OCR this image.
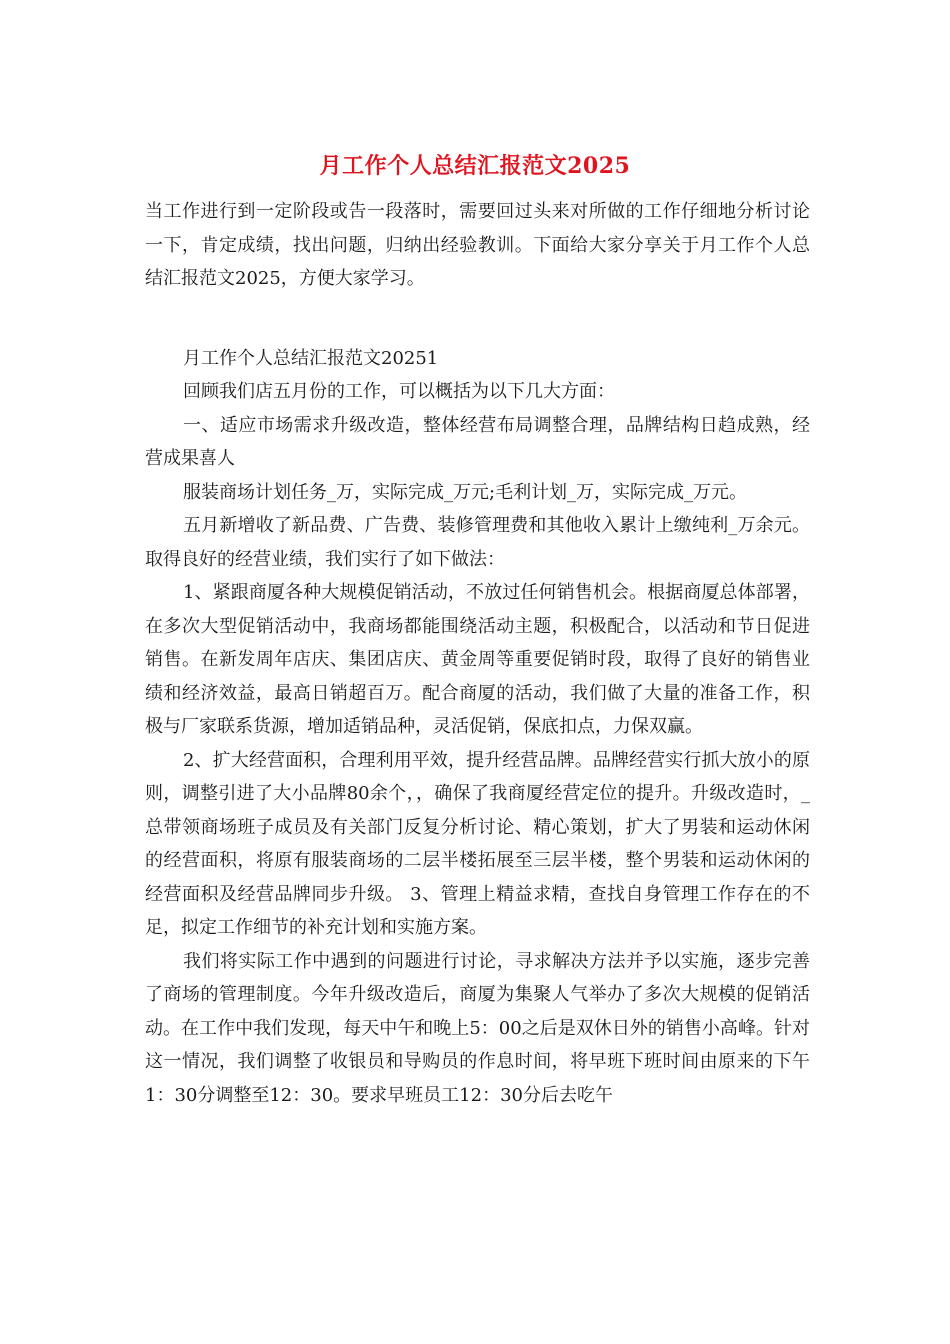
月工作个人总结汇报范文2025

当工作进行到一定阶段或告一段落时，需要回过头来对所做的工作仔细地分析讨论一下，肯定成绩，找出问题，归纳出经验教训。下面给大家分享关于月工作个人总结汇报范文2025，方便大家学习。

月工作个人总结汇报范文20251

回顾我们店五月份的工作，可以概括为以下几大方面：

一、适应市场需求升级改造，整体经营布局调整合理，品牌结构日趋成熟，经营成果喜人

服装商场计划任务_万，实际完成_万元;毛利计划_万，实际完成_万元。

五月新增收了新品费、广告费、装修管理费和其他收入累计上缴纯利_万余元。取得良好的经营业绩，我们实行了如下做法：

1、紧跟商厦各种大规模促销活动，不放过任何销售机会。根据商厦总体部署，在多次大型促销活动中，我商场都能围绕活动主题，积极配合，以活动和节日促进销售。在新发周年店庆、集团店庆、黄金周等重要促销时段，取得了良好的销售业绩和经济效益，最高日销超百万。配合商厦的活动，我们做了大量的准备工作，积极与厂家联系货源，增加适销品种，灵活促销，保底扣点，力保双赢。

2、扩大经营面积，合理利用平效，提升经营品牌。品牌经营实行抓大放小的原则，调整引进了大小品牌80余个，，确保了我商厦经营定位的提升。升级改造时，_总带领商场班子成员及有关部门反复分析讨论、精心策划，扩大了男装和运动休闲的经营面积，将原有服装商场的二层半楼拓展至三层半楼，整个男装和运动休闲的经营面积及经营品牌同步升级。 3、管理上精益求精，查找自身管理工作存在的不足，拟定工作细节的补充计划和实施方案。

我们将实际工作中遇到的问题进行讨论，寻求解决方法并予以实施，逐步完善了商场的管理制度。今年升级改造后，商厦为集聚人气举办了多次大规模的促销活动。在工作中我们发现，每天中午和晚上5：00之后是双休日外的销售小高峰。针对这一情况，我们调整了收银员和导购员的作息时间，将早班下班时间由原来的下午1：30分调整至12：30。要求早班员工12：30分后去吃午
